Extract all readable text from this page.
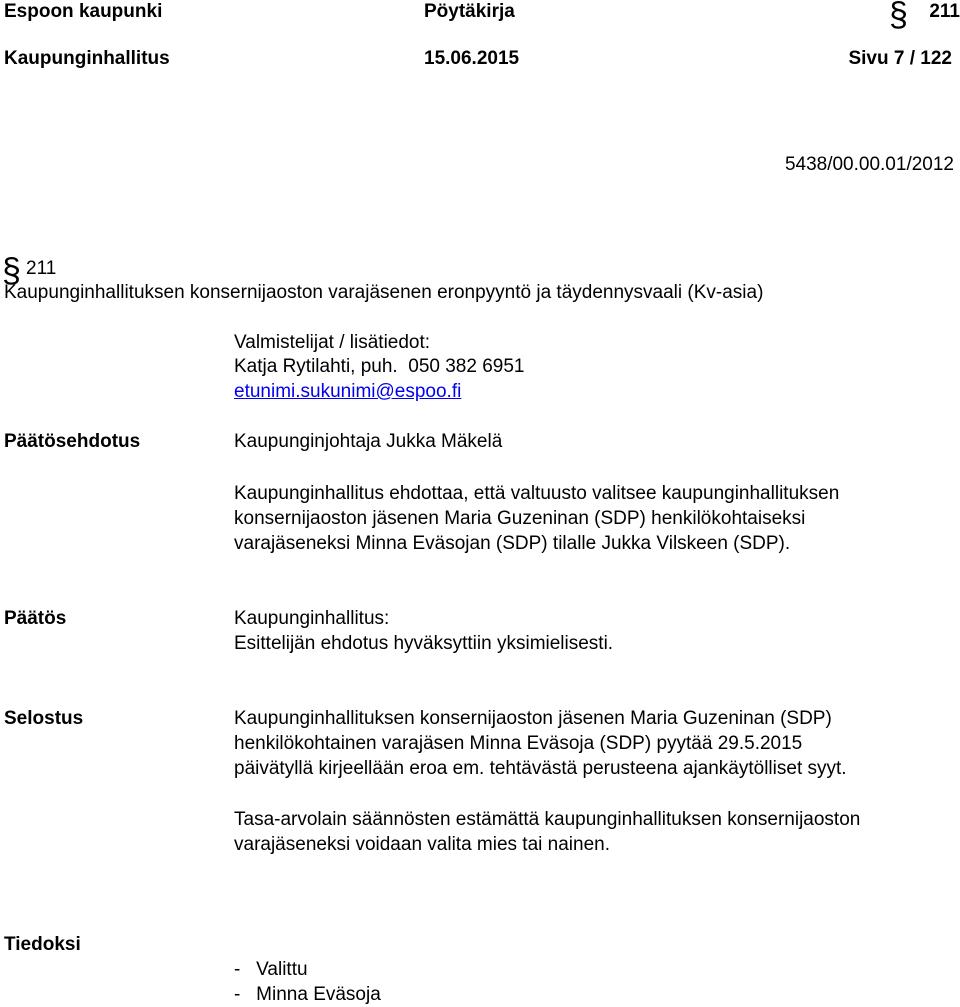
Espoon kaupunki	Pöytäkirja	§ 211
Kaupunginhallitus	15.06.2015	Sivu 7 / 122
5438/00.00.01/2012
§ 211
Kaupunginhallituksen konsernijaoston varajäsenen eronpyyntö ja täydennysvaali (Kv-asia)
Valmistelijat / lisätiedot:
Katja Rytilahti, puh.  050 382 6951
etunimi.sukunimi@espoo.fi
Päätösehdotus	Kaupunginjohtaja Jukka Mäkelä
Kaupunginhallitus ehdottaa, että valtuusto valitsee kaupunginhallituksen
konsernijaoston jäsenen Maria Guzeninan (SDP) henkilökohtaiseksi
varajäseneksi Minna Eväsojan (SDP) tilalle Jukka Vilskeen (SDP).
Päätös	Kaupunginhallitus:
Esittelijän ehdotus hyväksyttiin yksimielisesti.
Selostus	Kaupunginhallituksen konsernijaoston jäsenen Maria Guzeninan (SDP)
henkilökohtainen varajäsen Minna Eväsoja (SDP) pyytää 29.5.2015
päivätyllä kirjeellään eroa em. tehtävästä perusteena ajankäytölliset syyt.
Tasa-arvolain säännösten estämättä kaupunginhallituksen konsernijaoston
varajäseneksi voidaan valita mies tai nainen.
Tiedoksi
-   Valittu
-   Minna Eväsoja
